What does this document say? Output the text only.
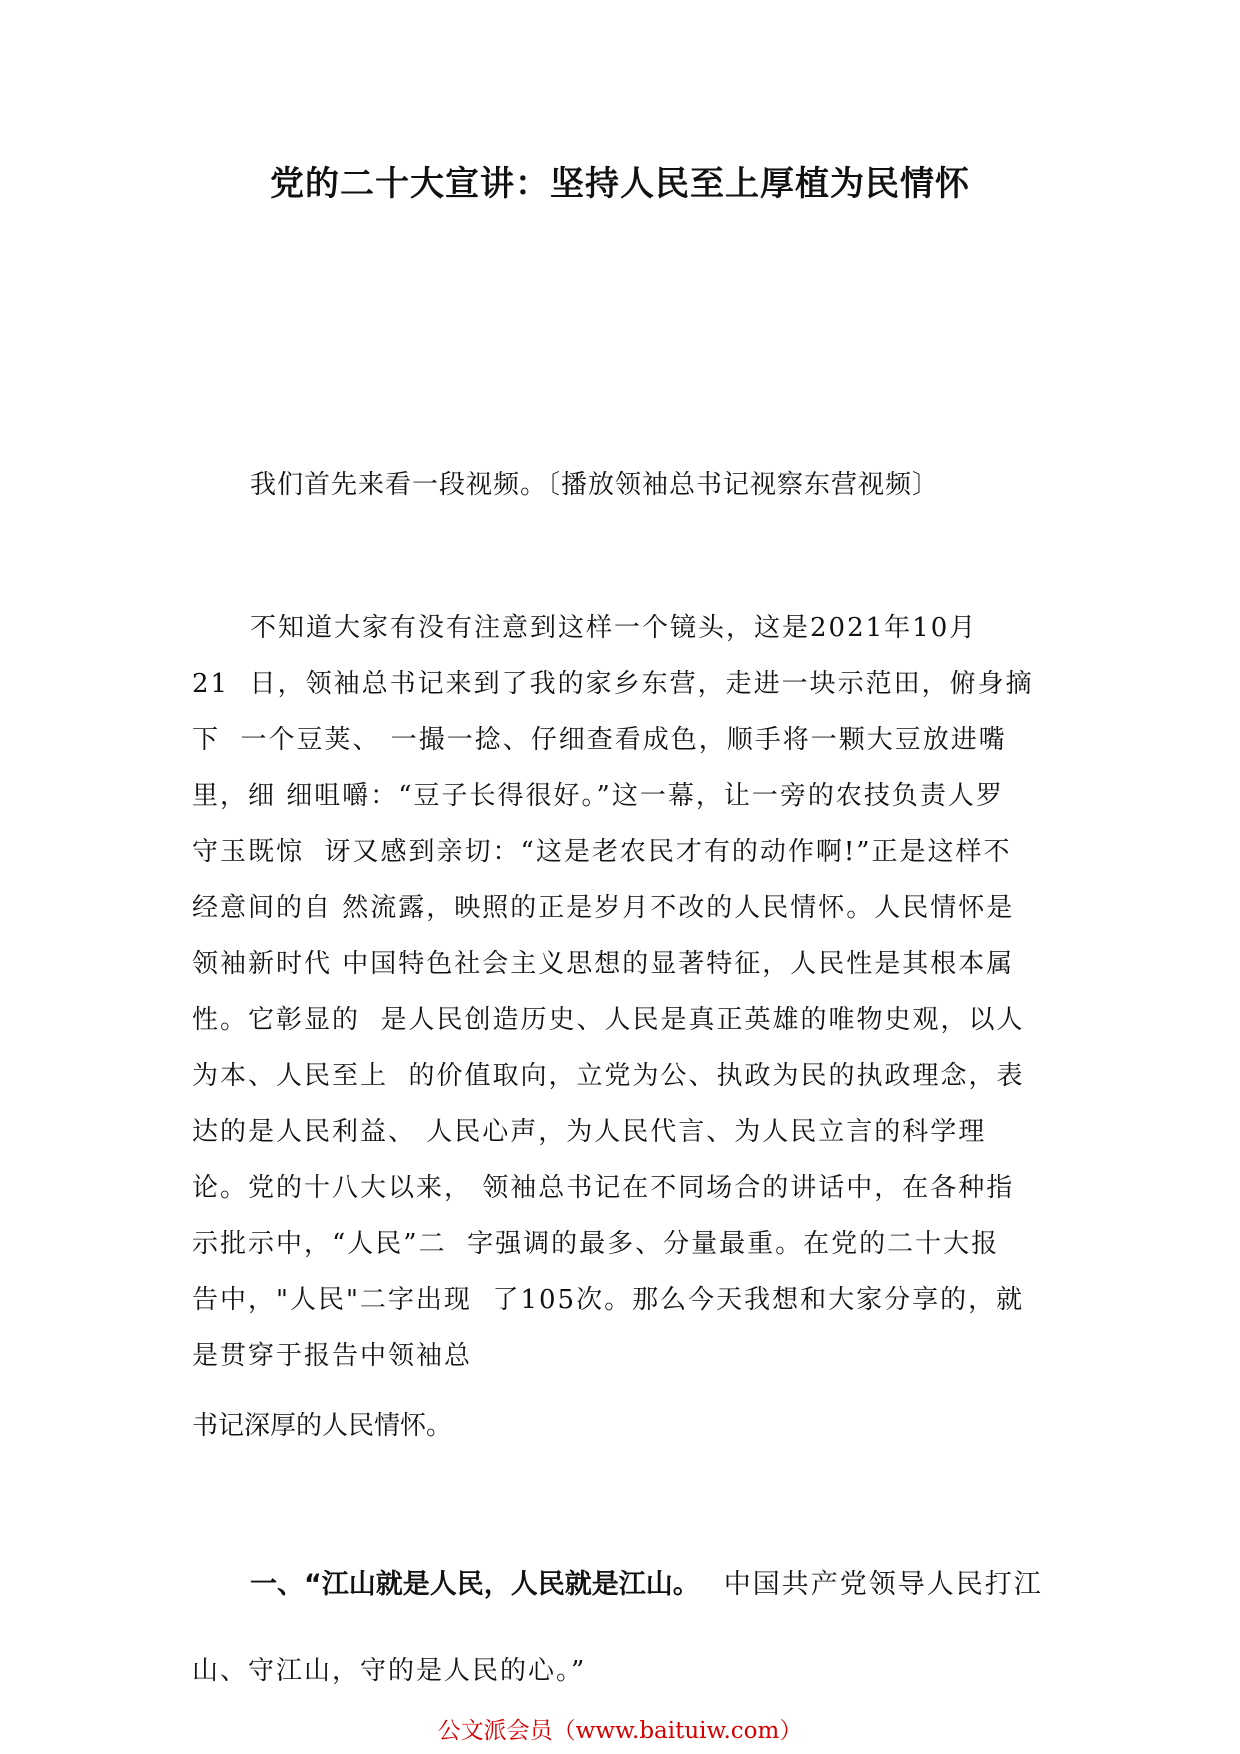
党的二十大宣讲：坚持人民至上厚植为民情怀

我们首先来看一段视频。〔播放领袖总书记视察东营视频〕

不知道大家有没有注意到这样一个镜头，这是2021年10月
21  日，领袖总书记来到了我的家乡东营，走进一块示范田，俯身摘
下  一个豆荚、 一撮一捻、仔细查看成色，顺手将一颗大豆放进嘴
里，细 细咀嚼：“豆子长得很好。”这一幕，让一旁的农技负责人罗
守玉既惊  讶又感到亲切：“这是老农民才有的动作啊!”正是这样不
经意间的自 然流露，映照的正是岁月不改的人民情怀。人民情怀是
领袖新时代 中国特色社会主义思想的显著特征，人民性是其根本属
性。它彰显的  是人民创造历史、人民是真正英雄的唯物史观，以人
为本、人民至上  的价值取向，立党为公、执政为民的执政理念，表
达的是人民利益、 人民心声，为人民代言、为人民立言的科学理
论。党的十八大以来， 领袖总书记在不同场合的讲话中，在各种指
示批示中，“人民”二  字强调的最多、分量最重。在党的二十大报
告中，"人民"二字出现  了105次。那么今天我想和大家分享的，就
是贯穿于报告中领袖总

书记深厚的人民情怀。

一、“江山就是人民，人民就是江山。 中国共产党领导人民打江

山、守江山，守的是人民的心。”

公文派会员（www.baituiw.com）
